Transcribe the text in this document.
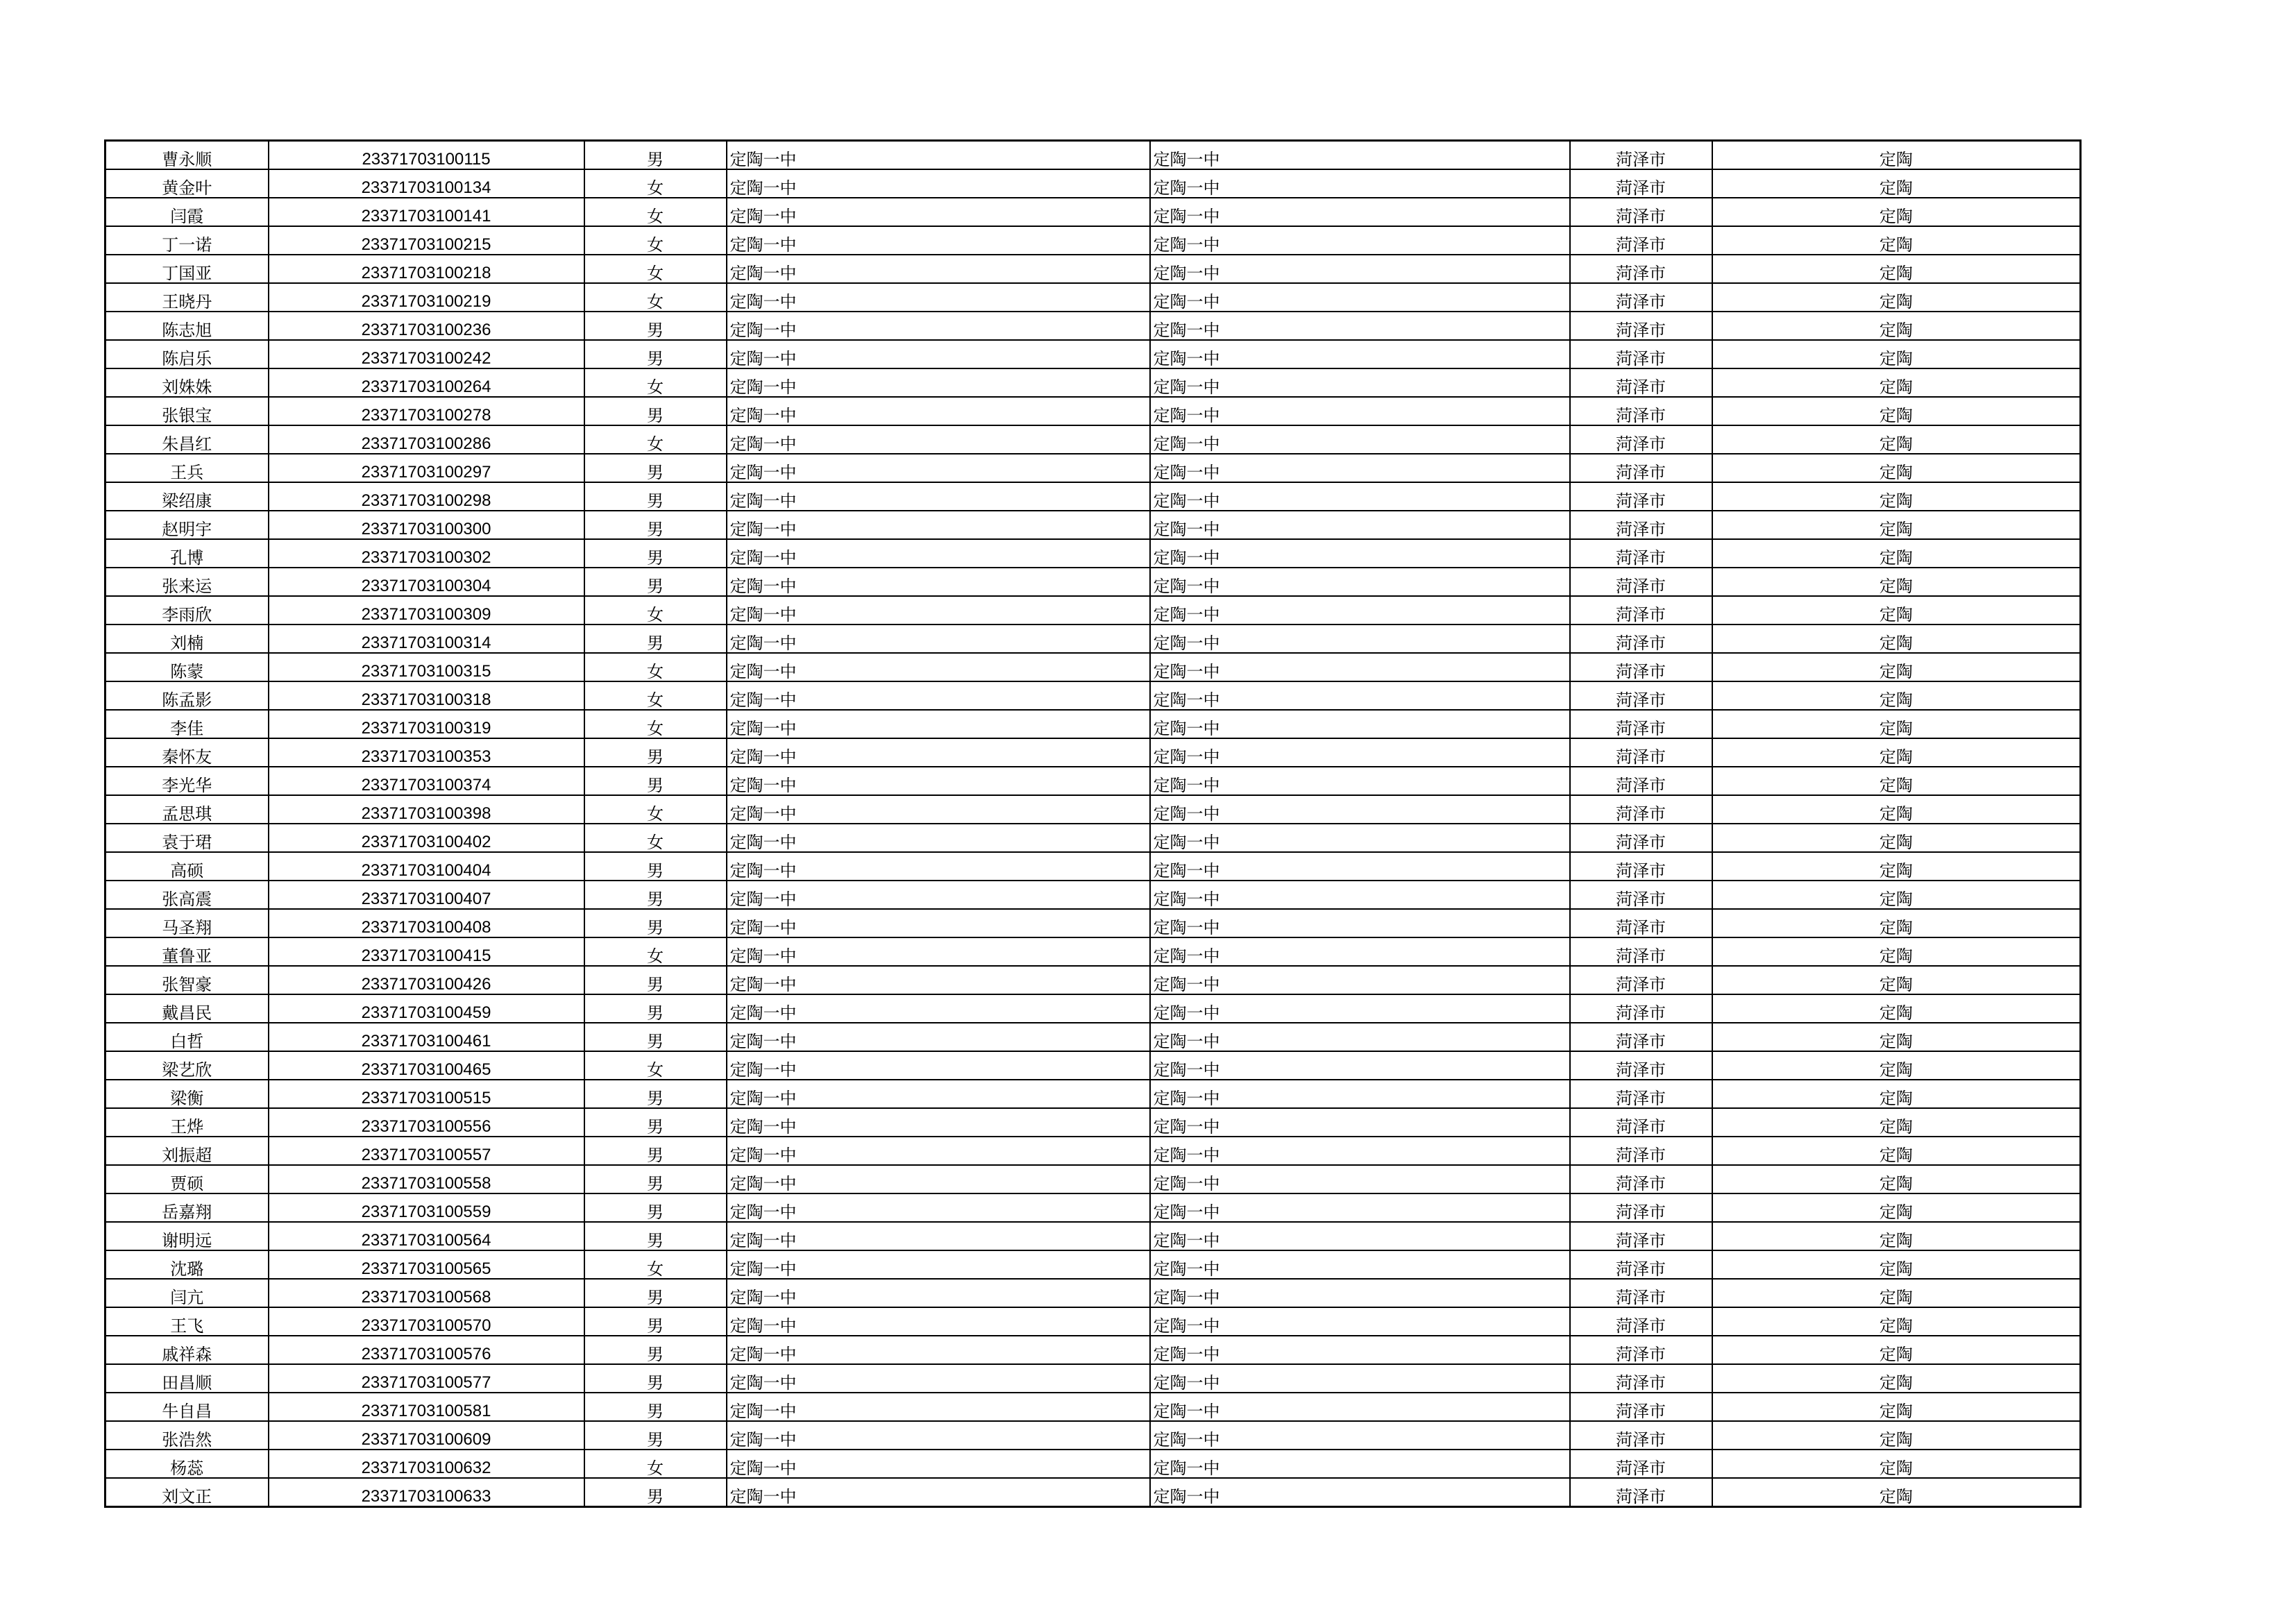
曹永顺	23371703100115	男	定陶一中	定陶一中	菏泽市	定陶
黄金叶	23371703100134	女	定陶一中	定陶一中	菏泽市	定陶
闫霞	23371703100141	女	定陶一中	定陶一中	菏泽市	定陶
丁一诺	23371703100215	女	定陶一中	定陶一中	菏泽市	定陶
丁国亚	23371703100218	女	定陶一中	定陶一中	菏泽市	定陶
王晓丹	23371703100219	女	定陶一中	定陶一中	菏泽市	定陶
陈志旭	23371703100236	男	定陶一中	定陶一中	菏泽市	定陶
陈启乐	23371703100242	男	定陶一中	定陶一中	菏泽市	定陶
刘姝姝	23371703100264	女	定陶一中	定陶一中	菏泽市	定陶
张银宝	23371703100278	男	定陶一中	定陶一中	菏泽市	定陶
朱昌红	23371703100286	女	定陶一中	定陶一中	菏泽市	定陶
王兵	23371703100297	男	定陶一中	定陶一中	菏泽市	定陶
梁绍康	23371703100298	男	定陶一中	定陶一中	菏泽市	定陶
赵明宇	23371703100300	男	定陶一中	定陶一中	菏泽市	定陶
孔博	23371703100302	男	定陶一中	定陶一中	菏泽市	定陶
张来运	23371703100304	男	定陶一中	定陶一中	菏泽市	定陶
李雨欣	23371703100309	女	定陶一中	定陶一中	菏泽市	定陶
刘楠	23371703100314	男	定陶一中	定陶一中	菏泽市	定陶
陈蒙	23371703100315	女	定陶一中	定陶一中	菏泽市	定陶
陈孟影	23371703100318	女	定陶一中	定陶一中	菏泽市	定陶
李佳	23371703100319	女	定陶一中	定陶一中	菏泽市	定陶
秦怀友	23371703100353	男	定陶一中	定陶一中	菏泽市	定陶
李光华	23371703100374	男	定陶一中	定陶一中	菏泽市	定陶
孟思琪	23371703100398	女	定陶一中	定陶一中	菏泽市	定陶
袁于珺	23371703100402	女	定陶一中	定陶一中	菏泽市	定陶
高硕	23371703100404	男	定陶一中	定陶一中	菏泽市	定陶
张高震	23371703100407	男	定陶一中	定陶一中	菏泽市	定陶
马圣翔	23371703100408	男	定陶一中	定陶一中	菏泽市	定陶
董鲁亚	23371703100415	女	定陶一中	定陶一中	菏泽市	定陶
张智豪	23371703100426	男	定陶一中	定陶一中	菏泽市	定陶
戴昌民	23371703100459	男	定陶一中	定陶一中	菏泽市	定陶
白哲	23371703100461	男	定陶一中	定陶一中	菏泽市	定陶
梁艺欣	23371703100465	女	定陶一中	定陶一中	菏泽市	定陶
梁衡	23371703100515	男	定陶一中	定陶一中	菏泽市	定陶
王烨	23371703100556	男	定陶一中	定陶一中	菏泽市	定陶
刘振超	23371703100557	男	定陶一中	定陶一中	菏泽市	定陶
贾硕	23371703100558	男	定陶一中	定陶一中	菏泽市	定陶
岳嘉翔	23371703100559	男	定陶一中	定陶一中	菏泽市	定陶
谢明远	23371703100564	男	定陶一中	定陶一中	菏泽市	定陶
沈璐	23371703100565	女	定陶一中	定陶一中	菏泽市	定陶
闫亢	23371703100568	男	定陶一中	定陶一中	菏泽市	定陶
王飞	23371703100570	男	定陶一中	定陶一中	菏泽市	定陶
戚祥森	23371703100576	男	定陶一中	定陶一中	菏泽市	定陶
田昌顺	23371703100577	男	定陶一中	定陶一中	菏泽市	定陶
牛自昌	23371703100581	男	定陶一中	定陶一中	菏泽市	定陶
张浩然	23371703100609	男	定陶一中	定陶一中	菏泽市	定陶
杨蕊	23371703100632	女	定陶一中	定陶一中	菏泽市	定陶
刘文正	23371703100633	男	定陶一中	定陶一中	菏泽市	定陶
